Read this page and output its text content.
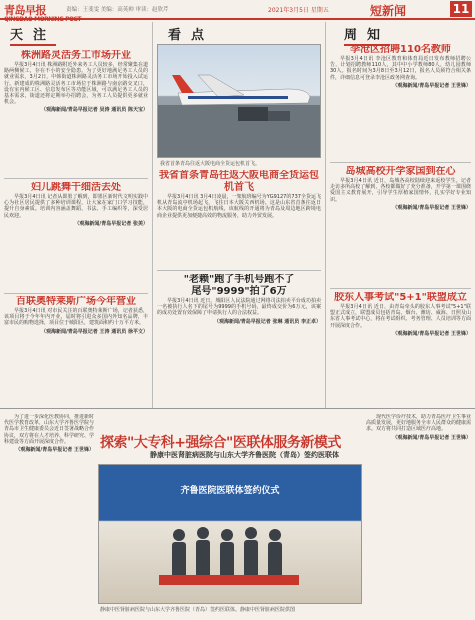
青岛早报
QINGDAO MORNING POST
责编：王斐雯 美编：高英帅 审读：赵欣芹	2021年3月5日 星期五	短新闻	11
天注	看点	周知
株洲路灵活务工市场开业

早报3月4日讯 株洲路附近外来务工人员较多，经常聚集在道路两侧候工，存在不小的安全隐患。为了更好地满足务工人员的就业需求，3月2日，中韩街道株洲路灵活务工市场开始投入试运行。新建成的株洲路灵活务工市场位于株洲路与南京路交叉口，设有室内候工区、信息发布区等功能区域，可以满足务工人员的基本需求，街道还将定期举办招聘会，为务工人员提供更多就业机会。

（观海新闻/青岛早报记者 吴涛 通讯员 陈天宝）
妇儿跳舞干细活去处

早报3月4日讯 记者从即墨了解到，即墨区新时代文明实践中心为社区居民提供了多种培训课程，让大家在家门口学习技能，提升自身素质。培训内容涵盖舞蹈、书法、手工编织等，深受居民欢迎。

（观海新闻/青岛早报记者 张美）
百联奥特莱斯广场今年营业

早报3月4日讯 对市民关注的百联奥特莱斯广场，记者获悉，该项目将于今年年内开业，届时将引进众多国内外知名品牌，丰富市民的购物选择，项目位于城阳区，建筑面积约十万平方米。

（观海新闻/青岛早报记者 王涛 通讯员 徐平文）
我省首条青岛往返大阪电商全货运包机首飞。
我省首条青岛往返大阪电商全货运包机首飞

早报3月4日讯 3月4日凌晨，一架航班编号为YG9127的737全货运飞机从青岛流亭机场起飞，飞往日本大阪关西机场。这是山东省首条往返日本大阪的电商全货运包机航线，该航线的开通将为青岛及周边地区跨境电商企业提供更加便捷高效的物流服务，助力外贸发展。

"老赖"跑了手机号跑不了
尾号"9999"拍了6万

早报3月4日讯 近日，城阳区人民法院通过网络司法拍卖平台成功拍卖一名被执行人名下的尾号为9999的手机号码，最终成交价为6万元，该案的成功处置有效保障了申请执行人的合法权益。

（观海新闻/青岛早报记者 张琳 通讯员 李正卓）
李沧区招聘110名教师

早报3月4日讯 李沧区教育和体育局近日发布教师招聘公告，计划招聘教师110人，其中中小学教师80人，幼儿园教师30人。报名时间为3月8日至3月12日，报名人员须符合相关条件，详细信息可登录李沧区政务网查询。

（观海新闻/青岛早报记者 王世锋）
岛城高校开学家国到在心

早报3月4日讯 近日，岛城各高校陆续迎来返校学生。记者走访多所高校了解到，各校都做好了充分准备，开学第一课围绕爱国主义教育展开，引导学生厚植家国情怀，扎实学好专业知识。

（观海新闻/青岛早报记者 王世锋）
胶东人事考试"5+1"联盟成立

早报3月4日讯 近日，由青岛牵头的胶东人事考试"5+1"联盟正式成立，联盟成员包括青岛、烟台、潍坊、威海、日照及山东省人事考试中心，将在考试组织、考务管理、人员培训等方面开展深度合作。

（观海新闻/青岛早报记者 王世锋）
探索"大专科+强综合"医联体服务新模式
静康中医肾脏病医院与山东大学齐鲁医院（青岛）签约医联体

为了进一步深化医教协同，推进新时代医学教育改革，山东大学齐鲁医学院与青岛市卫生健康委员会近日签署战略合作协议，双方将在人才培养、科学研究、学科建设等方面开展深度合作。

（观海新闻/青岛早报记者 王世锋）
齐鲁医院医联体签约仪式
静康中医肾脏病医院与山东大学齐鲁医院（青岛）签约医联体。静康中医肾脏病医院供图

现代医学诊疗技术，助力青岛医疗卫生事业高质量发展，更好地服务全市人民群众的健康需求。双方将共同打造区域医疗高地。

（观海新闻/青岛早报记者 王世锋）
